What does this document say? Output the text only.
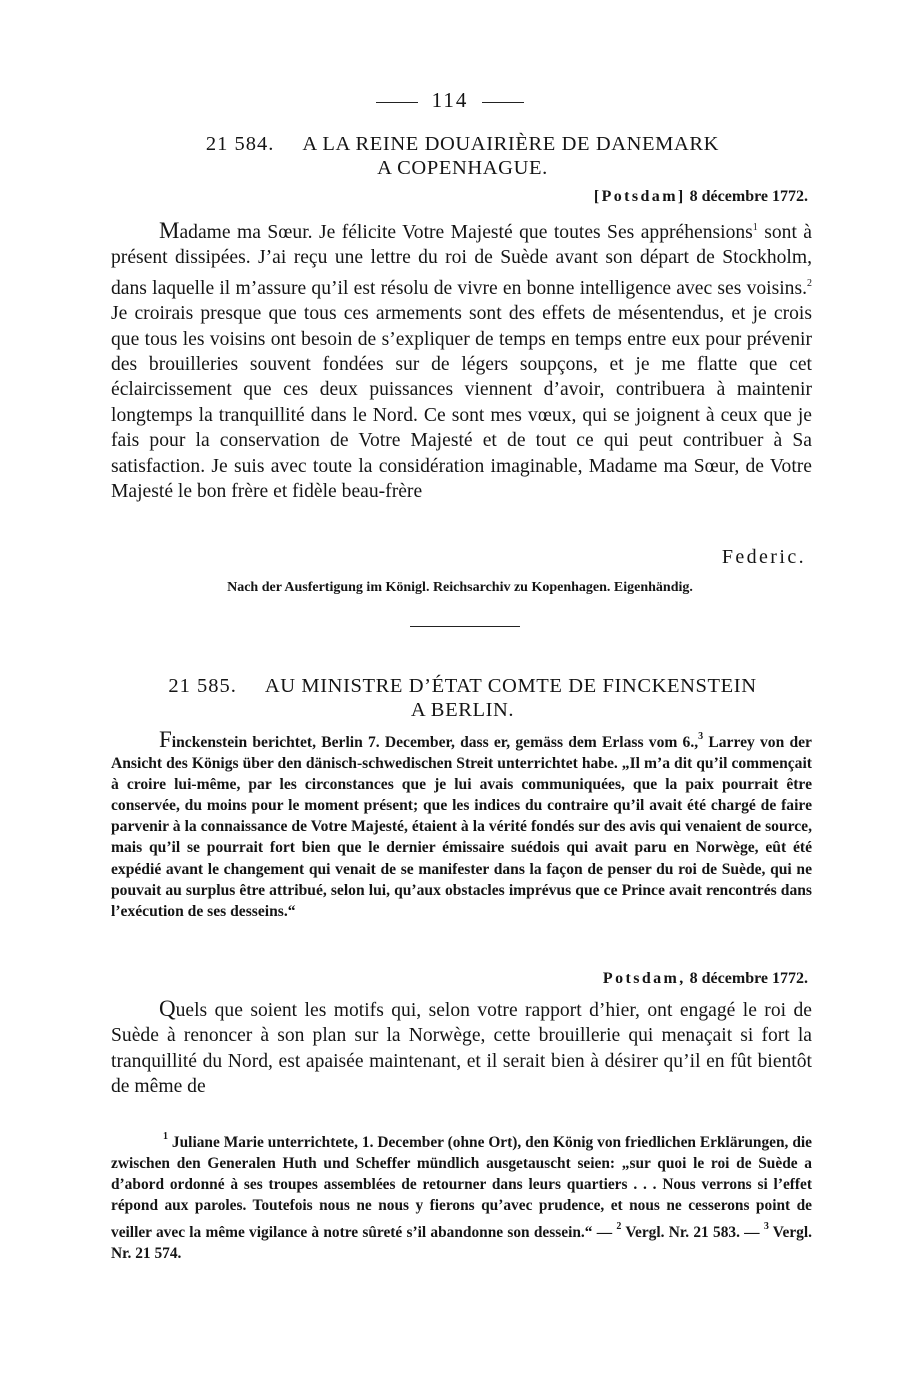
114
21 584. A LA REINE DOUAIRIÈRE DE DANEMARK
A COPENHAGUE.
[Potsdam] 8 décembre 1772.

Madame ma Sœur. Je félicite Votre Majesté que toutes Ses appréhensions$^1$ sont à présent dissipées. J’ai reçu une lettre du roi de Suède avant son départ de Stockholm, dans laquelle il m’assure qu’il est résolu de vivre en bonne intelligence avec ses voisins.$^2$ Je croirais presque que tous ces armements sont des effets de mésentendus, et je crois que tous les voisins ont besoin de s’expliquer de temps en temps entre eux pour prévenir des brouilleries souvent fondées sur de légers soupçons, et je me flatte que cet éclaircissement que ces deux puissances viennent d’avoir, contribuera à maintenir longtemps la tranquillité dans le Nord. Ce sont mes vœux, qui se joignent à ceux que je fais pour la conservation de Votre Majesté et de tout ce qui peut contribuer à Sa satisfaction. Je suis avec toute la considération imaginable, Madame ma Sœur, de Votre Majesté le bon frère et fidèle beau-frère

Federic.
Nach der Ausfertigung im Königl. Reichsarchiv zu Kopenhagen. Eigenhändig.
21 585. AU MINISTRE D’ÉTAT COMTE DE FINCKENSTEIN
A BERLIN.

Finckenstein berichtet, Berlin 7. December, dass er, gemäss dem Erlass vom 6.,$^3$ Larrey von der Ansicht des Königs über den dänisch-schwedischen Streit unterrichtet habe. „Il m’a dit qu’il commençait à croire lui-même, par les circonstances que je lui avais communiquées, que la paix pourrait être conservée, du moins pour le moment présent; que les indices du contraire qu’il avait été chargé de faire parvenir à la connaissance de Votre Majesté, étaient à la vérité fondés sur des avis qui venaient de source, mais qu’il se pourrait fort bien que le dernier émissaire suédois qui avait paru en Norwège, eût été expédié avant le changement qui venait de se manifester dans la façon de penser du roi de Suède, qui ne pouvait au surplus être attribué, selon lui, qu’aux obstacles imprévus que ce Prince avait rencontrés dans l’exécution de ses desseins.“

Potsdam, 8 décembre 1772.

Quels que soient les motifs qui, selon votre rapport d’hier, ont engagé le roi de Suède à renoncer à son plan sur la Norwège, cette brouillerie qui menaçait si fort la tranquillité du Nord, est apaisée maintenant, et il serait bien à désirer qu’il en fût bientôt de même de

$^1$ Juliane Marie unterrichtete, 1. December (ohne Ort), den König von friedlichen Erklärungen, die zwischen den Generalen Huth und Scheffer mündlich ausgetauscht seien: „sur quoi le roi de Suède a d’abord ordonné à ses troupes assemblées de retourner dans leurs quartiers . . . Nous verrons si l’effet répond aux paroles. Toutefois nous ne nous y fierons qu’avec prudence, et nous ne cesserons point de veiller avec la même vigilance à notre sûreté s’il abandonne son dessein.“ — $^2$ Vergl. Nr. 21 583. — $^3$ Vergl. Nr. 21 574.
